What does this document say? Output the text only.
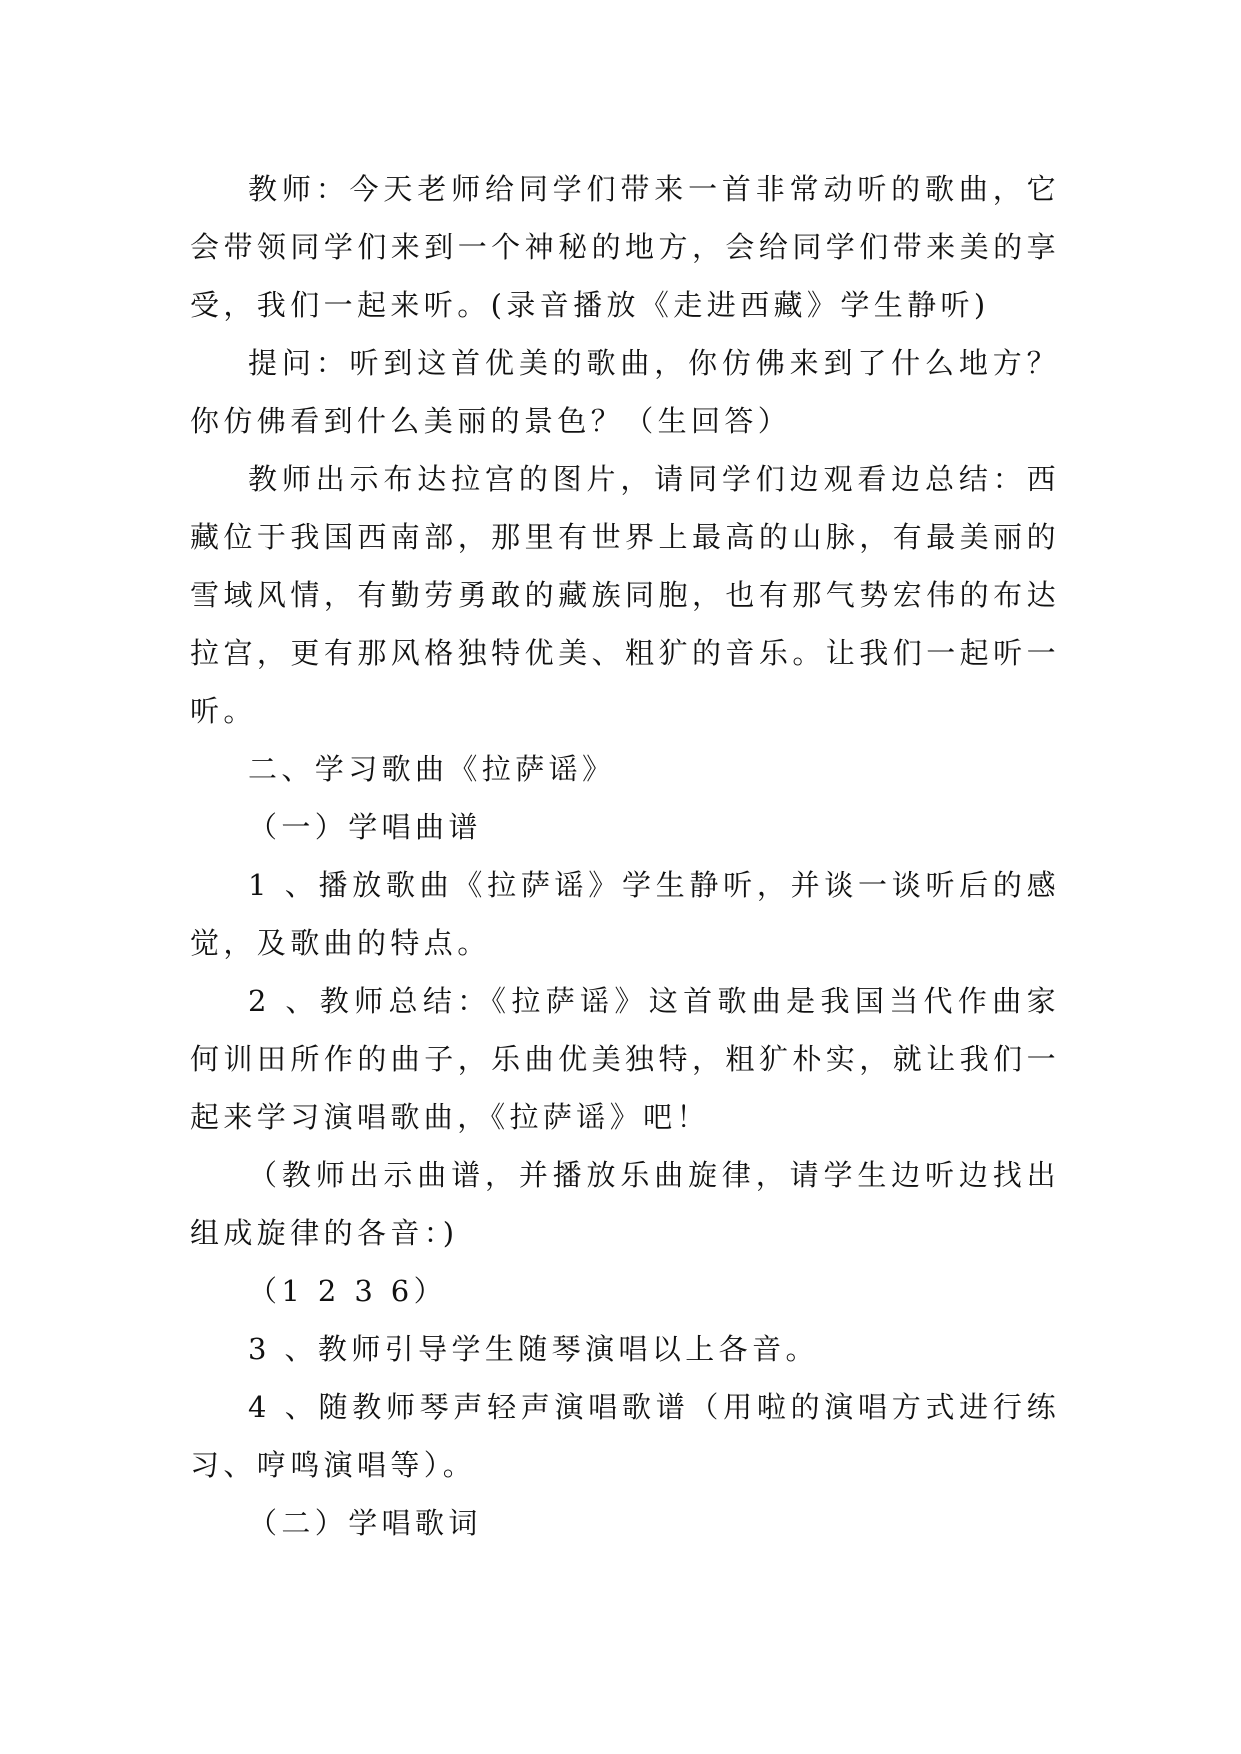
教师：今天老师给同学们带来一首非常动听的歌曲，它会带领同学们来到一个神秘的地方，会给同学们带来美的享受，我们一起来听。(录音播放《走进西藏》学生静听)

提问：听到这首优美的歌曲，你仿佛来到了什么地方？你仿佛看到什么美丽的景色？（生回答）

教师出示布达拉宫的图片，请同学们边观看边总结：西藏位于我国西南部，那里有世界上最高的山脉，有最美丽的雪域风情，有勤劳勇敢的藏族同胞，也有那气势宏伟的布达拉宫，更有那风格独特优美、粗犷的音乐。让我们一起听一听。

二、学习歌曲《拉萨谣》

（一）学唱曲谱

1 、播放歌曲《拉萨谣》学生静听，并谈一谈听后的感觉，及歌曲的特点。

2 、教师总结：《拉萨谣》这首歌曲是我国当代作曲家何训田所作的曲子，乐曲优美独特，粗犷朴实，就让我们一起来学习演唱歌曲，《拉萨谣》吧！

（教师出示曲谱，并播放乐曲旋律，请学生边听边找出组成旋律的各音：)

（1 2 3 6）

3 、教师引导学生随琴演唱以上各音。

4 、随教师琴声轻声演唱歌谱（用啦的演唱方式进行练习、哼鸣演唱等）。

（二）学唱歌词
